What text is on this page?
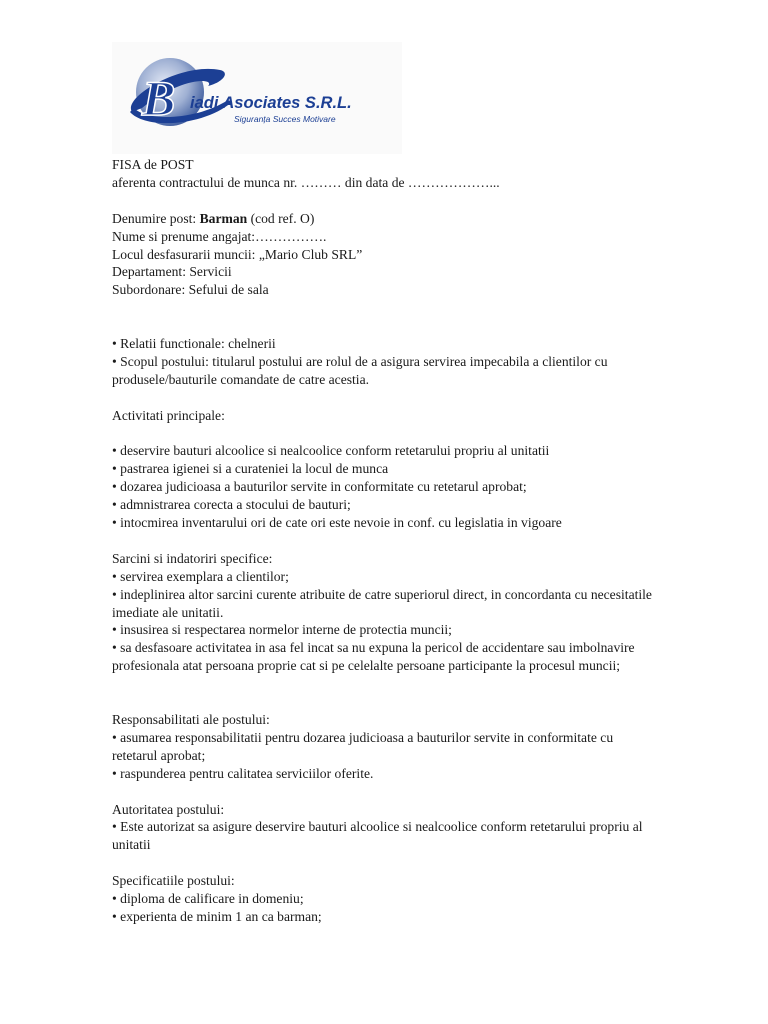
B iadi Asociates S.R.L.
Siguranța Succes Motivare

FISA de POST

aferenta contractului de munca nr. ……… din data de ………………...

Denumire post: Barman (cod ref. O)

Nume si prenume angajat:…………….

Locul desfasurarii muncii: „Mario Club SRL”

Departament: Servicii

Subordonare: Sefului de sala

• Relatii functionale: chelnerii

• Scopul postului: titularul postului are rolul de a asigura servirea impecabila a clientilor cu produsele/bauturile comandate de catre acestia.

Activitati principale:

• deservire bauturi alcoolice si nealcoolice conform retetarului propriu al unitatii

• pastrarea igienei si a curateniei la locul de munca

• dozarea judicioasa a bauturilor servite in conformitate cu retetarul aprobat;

• admnistrarea corecta a stocului de bauturi;

• intocmirea inventarului ori de cate ori este nevoie in conf. cu legislatia in vigoare

Sarcini si indatoriri specifice:

• servirea exemplara a clientilor;

• indeplinirea altor sarcini curente atribuite de catre superiorul direct, in concordanta cu necesitatile imediate ale unitatii.

• insusirea si respectarea normelor interne de protectia muncii;

• sa desfasoare activitatea in asa fel incat sa nu expuna la pericol de accidentare sau imbolnavire profesionala atat persoana proprie cat si pe celelalte persoane participante la procesul muncii;

Responsabilitati ale postului:

• asumarea responsabilitatii pentru dozarea judicioasa a bauturilor servite in conformitate cu retetarul aprobat;

• raspunderea pentru calitatea serviciilor oferite.

Autoritatea postului:

• Este autorizat sa asigure deservire bauturi alcoolice si nealcoolice conform retetarului propriu al unitatii

Specificatiile postului:

• diploma de calificare in domeniu;

• experienta de minim 1 an ca barman;
